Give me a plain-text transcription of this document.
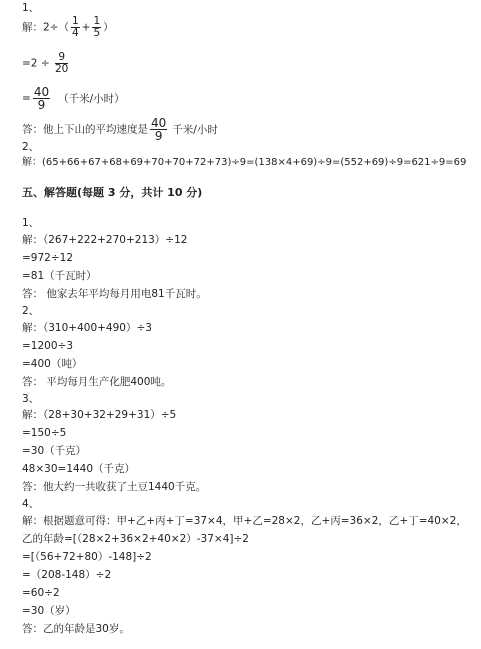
1、
解：$2\div( \frac{1}{4} + \frac{1}{5}$ ）
$=2 \div \frac{9}{20}$
= $\frac{40}{9}$ （千米/小时）
答：他上下山的平均速度是 $\frac{40}{9}$ 千米/小时
2、
解：(65+66+67+68+69+70+70+72+73)÷9=(138×4+69)÷9=(552+69)÷9=621÷9=69
五、解答题(每题 3 分，共计 10 分)
1、
解：（267+222+270+213）÷12
=972÷12
=81（千瓦时）
答： 他家去年平均每月用电81千瓦时。
2、
解：（310+400+490）÷3
=1200÷3
=400（吨）
答： 平均每月生产化肥400吨。
3、
解：（28+30+32+29+31）÷5
=150÷5
=30（千克）
48×30=1440（千克）
答：他大约一共收获了土豆1440千克。
4、
解：根据题意可得：甲+乙+丙+丁=37×4，甲+乙=28×2，乙+丙=36×2，乙+丁=40×2，
乙的年龄=[（28×2+36×2+40×2）-37×4]÷2
=[（56+72+80）-148]÷2
=（208-148）÷2
=60÷2
=30（岁）
答：乙的年龄是30岁。
